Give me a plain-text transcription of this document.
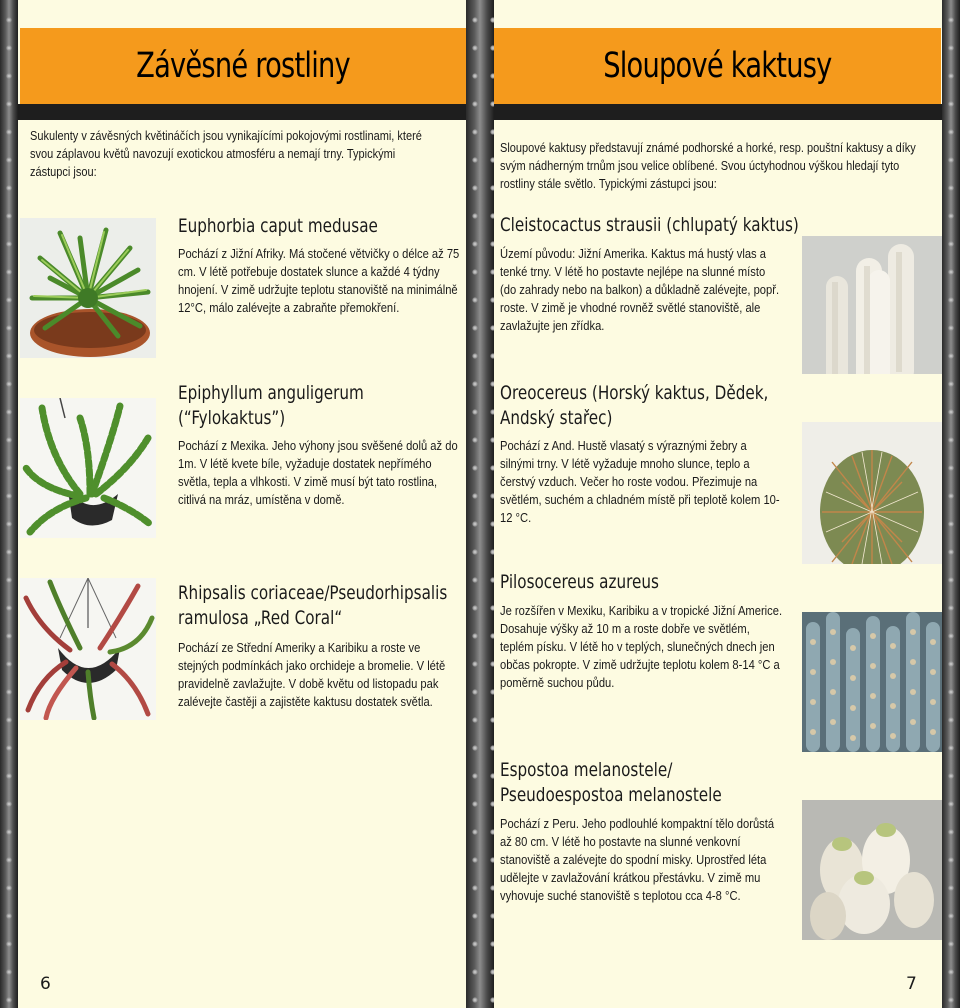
Závěsné rostliny
Sukulenty v závěsných květináčích jsou vynikajícími pokojovými rostlinami, které svou záplavou květů navozují exotickou atmosféru a nemají trny. Typickými zástupci jsou:
Euphorbia caput medusae
Pochází z Jižní Afriky. Má stočené větvičky o délce až 75 cm. V létě potřebuje dostatek slunce a každé 4 týdny hnojení. V zimě udržujte teplotu stanoviště na minimálně 12°C, málo zalévejte a zabraňte přemokření.
Epiphyllum anguligerum
(“Fylokaktus”)
Pochází z Mexika. Jeho výhony jsou svěšené dolů až do 1m. V létě kvete bíle, vyžaduje dostatek nepřímého světla, tepla a vlhkosti. V zimě musí být tato rostlina, citlivá na mráz, umístěna v domě.
Rhipsalis coriaceae/Pseudorhipsalis
ramulosa „Red Coral“
Pochází ze Střední Ameriky a Karibiku a roste ve stejných podmínkách jako orchideje a bromelie. V létě pravidelně zavlažujte. V době květu od listopadu pak zalévejte častěji a zajistěte kaktusu dostatek světla.
6
Sloupové kaktusy představují známé podhorské a horké, resp. pouštní kaktusy a díky svým nádherným trnům jsou velice oblíbené. Svou úctyhodnou výškou hledají tyto rostliny stále světlo. Typickými zástupci jsou:
Cleistocactus strausii (chlupatý kaktus)
Území původu: Jižní Amerika. Kaktus má hustý vlas a tenké trny. V létě ho postavte nejlépe na slunné místo (do zahrady nebo na balkon) a důkladně zalévejte, popř. roste. V zimě je vhodné rovněž světlé stanoviště, ale zavlažujte jen zřídka.
Oreocereus (Horský kaktus, Dědek,
Andský stařec)
Pochází z And. Hustě vlasatý s výraznými žebry a silnými trny. V létě vyžaduje mnoho slunce, teplo a čerstvý vzduch. Večer ho roste vodou. Přezimuje na světlém, suchém a chladném místě při teplotě kolem 10-12 °C.
Pilosocereus azureus
Je rozšířen v Mexiku, Karibiku a v tropické Jižní Americe. Dosahuje výšky až 10 m a roste dobře ve světlém, teplém písku. V létě ho v teplých, slunečných dnech jen občas pokropte. V zimě udržujte teplotu kolem 8-14 °C a poměrně suchou půdu.
Espostoa melanostele/
Pseudoespostoa melanostele
Pochází z Peru. Jeho podlouhlé kompaktní tělo dorůstá až 80 cm. V létě ho postavte na slunné venkovní stanoviště a zalévejte do spodní misky. Uprostřed léta udělejte v zavlažování krátkou přestávku. V zimě mu vyhovuje suché stanoviště s teplotou cca 4-8 °C.
7
Sloupové kaktusy
